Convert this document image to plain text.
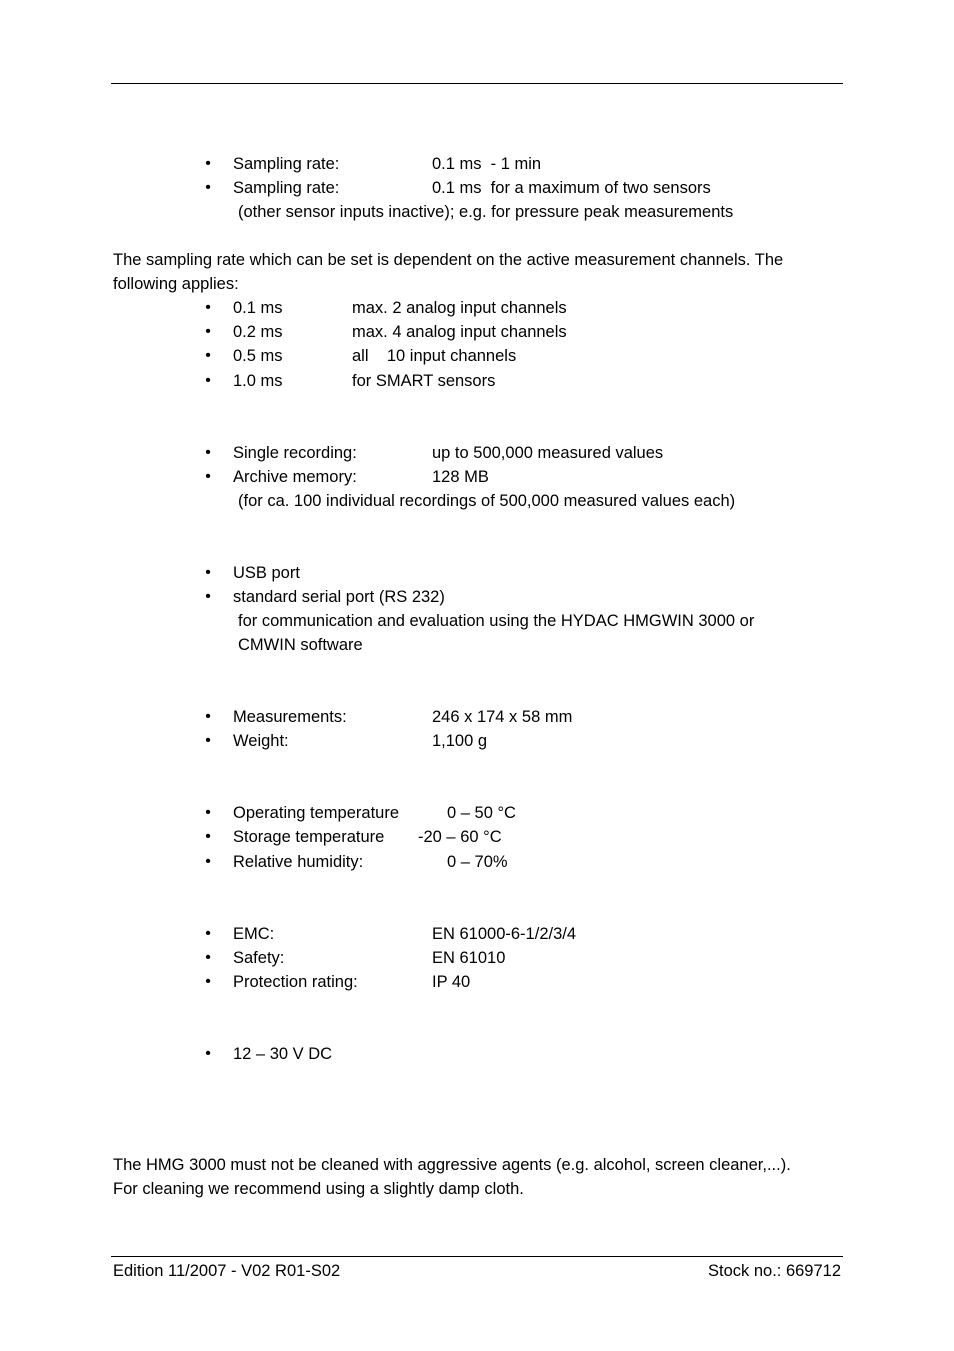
• Sampling rate:	0.1 ms  - 1 min
• Sampling rate:	0.1 ms  for a maximum of two sensors
(other sensor inputs inactive); e.g. for pressure peak measurements
The sampling rate which can be set is dependent on the active measurement channels. The
following applies:
• 0.1 ms	max. 2 analog input channels
• 0.2 ms	max. 4 analog input channels
• 0.5 ms	all    10 input channels
• 1.0 ms	for SMART sensors
• Single recording:	up to 500,000 measured values
• Archive memory:	128 MB
(for ca. 100 individual recordings of 500,000 measured values each)
• USB port
• standard serial port (RS 232)
for communication and evaluation using the HYDAC HMGWIN 3000 or
CMWIN software
• Measurements:	246 x 174 x 58 mm
• Weight:	1,100 g
• Operating temperature	0 – 50 °C
• Storage temperature -20 – 60 °C
• Relative humidity:	0 – 70%
• EMC:	EN 61000-6-1/2/3/4
• Safety:	EN 61010
• Protection rating:	IP 40
• 12 – 30 V DC
The HMG 3000 must not be cleaned with aggressive agents (e.g. alcohol, screen cleaner,...).
For cleaning we recommend using a slightly damp cloth.
Edition 11/2007 - V02 R01-S02	Stock no.: 669712
